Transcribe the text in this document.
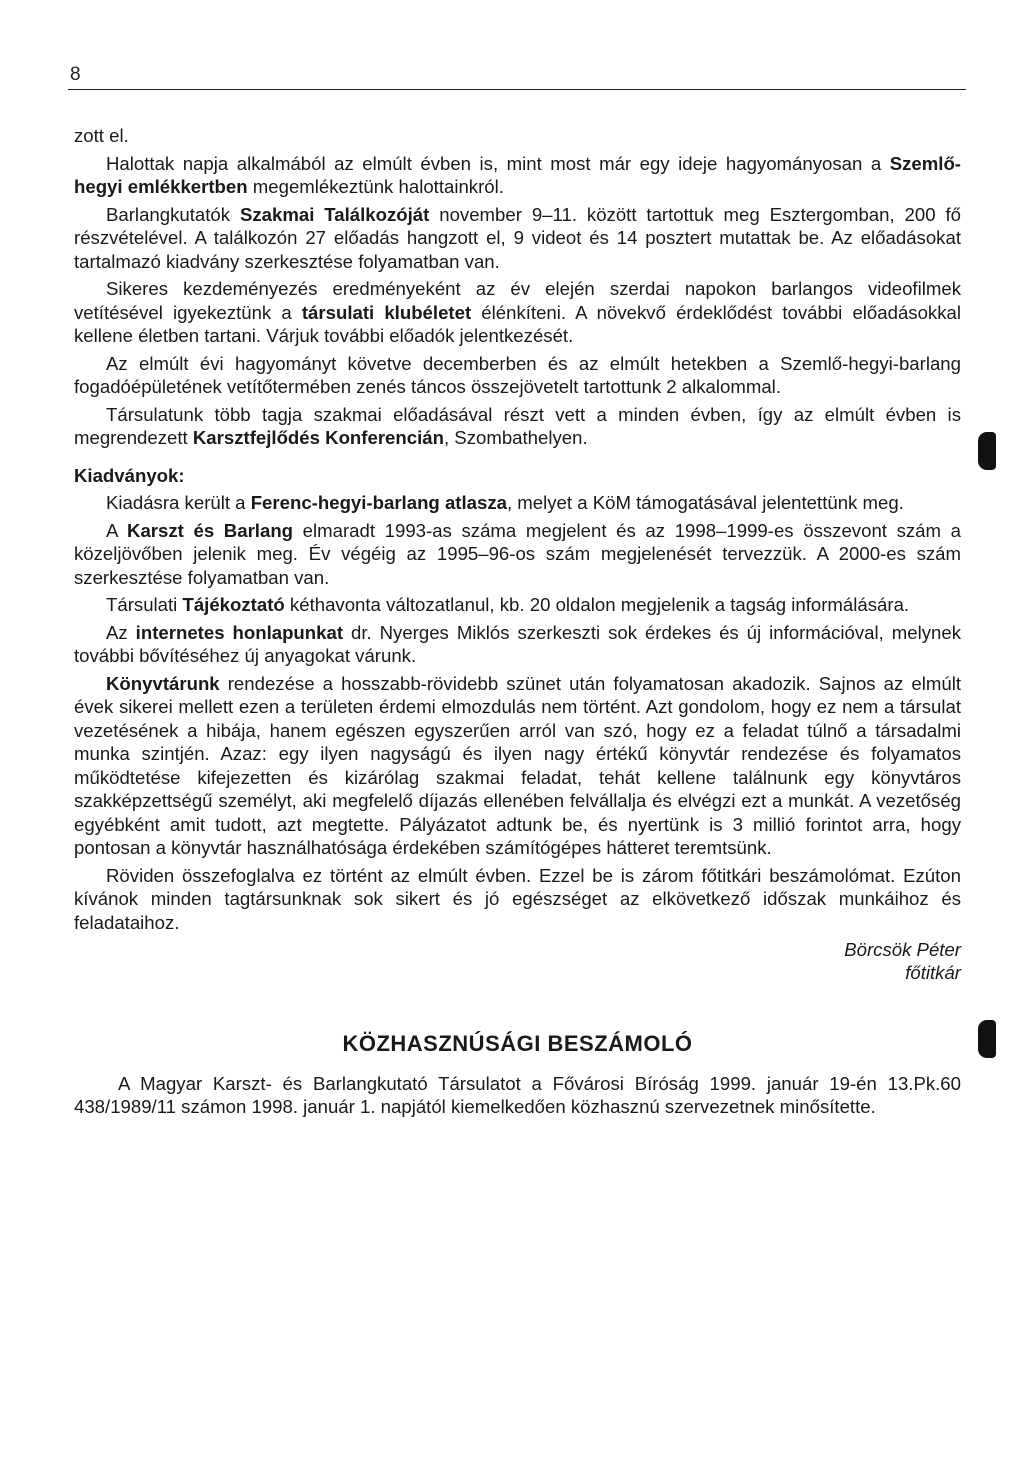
8

zott el.

Halottak napja alkalmából az elmúlt évben is, mint most már egy ideje hagyományosan a Szemlő-hegyi emlékkertben megemlékeztünk halottainkról.

Barlangkutatók Szakmai Találkozóját november 9–11. között tartottuk meg Esztergomban, 200 fő részvételével. A találkozón 27 előadás hangzott el, 9 videot és 14 posztert mutattak be. Az előadásokat tartalmazó kiadvány szerkesztése folyamatban van.

Sikeres kezdeményezés eredményeként az év elején szerdai napokon barlangos videofilmek vetítésével igyekeztünk a társulati klubéletet élénkíteni. A növekvő érdeklődést további előadásokkal kellene életben tartani. Várjuk további előadók jelentkezését.

Az elmúlt évi hagyományt követve decemberben és az elmúlt hetekben a Szemlő-hegyi-barlang fogadóépületének vetítőtermében zenés táncos összejövetelt tartottunk 2 alkalommal.

Társulatunk több tagja szakmai előadásával részt vett a minden évben, így az elmúlt évben is megrendezett Karsztfejlődés Konferencián, Szombathelyen.

Kiadványok:

Kiadásra került a Ferenc-hegyi-barlang atlasza, melyet a KöM támogatásával jelentettünk meg.

A Karszt és Barlang elmaradt 1993-as száma megjelent és az 1998–1999-es összevont szám a közeljövőben jelenik meg. Év végéig az 1995–96-os szám megjelenését tervezzük. A 2000-es szám szerkesztése folyamatban van.

Társulati Tájékoztató kéthavonta változatlanul, kb. 20 oldalon megjelenik a tagság informálására.

Az internetes honlapunkat dr. Nyerges Miklós szerkeszti sok érdekes és új információval, melynek további bővítéséhez új anyagokat várunk.

Könyvtárunk rendezése a hosszabb-rövidebb szünet után folyamatosan akadozik. Sajnos az elmúlt évek sikerei mellett ezen a területen érdemi elmozdulás nem történt. Azt gondolom, hogy ez nem a társulat vezetésének a hibája, hanem egészen egyszerűen arról van szó, hogy ez a feladat túlnő a társadalmi munka szintjén. Azaz: egy ilyen nagyságú és ilyen nagy értékű könyvtár rendezése és folyamatos működtetése kifejezetten és kizárólag szakmai feladat, tehát kellene találnunk egy könyvtáros szakképzettségű személyt, aki megfelelő díjazás ellenében felvállalja és elvégzi ezt a munkát. A vezetőség egyébként amit tudott, azt megtette. Pályázatot adtunk be, és nyertünk is 3 millió forintot arra, hogy pontosan a könyvtár használhatósága érdekében számítógépes hátteret teremtsünk.

Röviden összefoglalva ez történt az elmúlt évben. Ezzel be is zárom főtitkári beszámolómat. Ezúton kívánok minden tagtársunknak sok sikert és jó egészséget az elkövetkező időszak munkáihoz és feladataihoz.

Börcsök Péter
főtitkár
KÖZHASZNÚSÁGI BESZÁMOLÓ

A Magyar Karszt- és Barlangkutató Társulatot a Fővárosi Bíróság 1999. január 19-én 13.Pk.60 438/1989/11 számon 1998. január 1. napjától kiemelkedően közhasznú szervezetnek minősítette.
